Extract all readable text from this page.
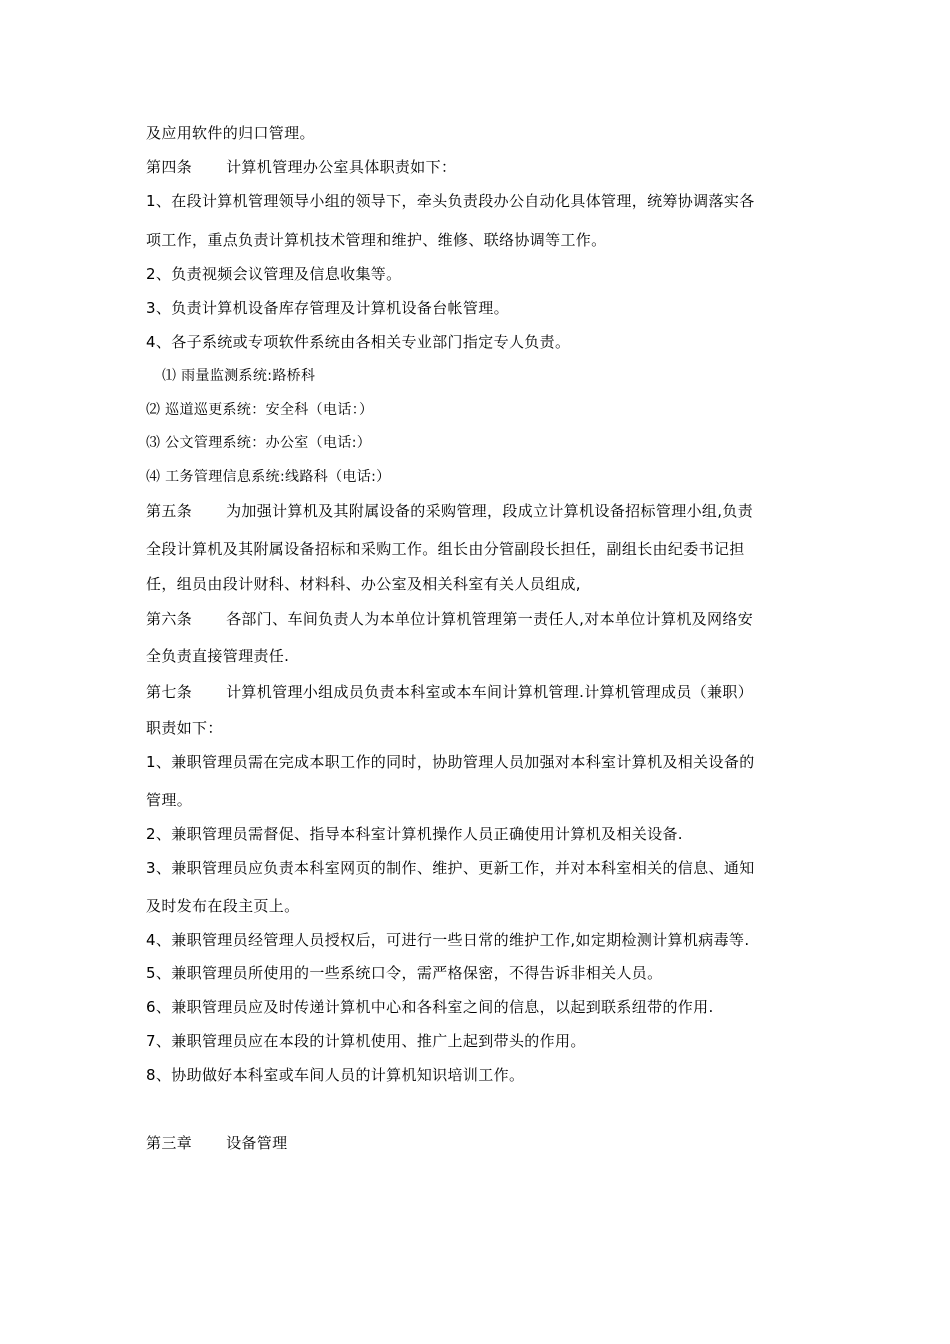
及应用软件的归口管理。
第四条 计算机管理办公室具体职责如下：
1、在段计算机管理领导小组的领导下，牵头负责段办公自动化具体管理，统筹协调落实各
项工作，重点负责计算机技术管理和维护、维修、联络协调等工作。
2、负责视频会议管理及信息收集等。
3、负责计算机设备库存管理及计算机设备台帐管理。
4、各子系统或专项软件系统由各相关专业部门指定专人负责。
⑴ 雨量监测系统:路桥科
⑵ 巡道巡更系统：安全科（电话：）
⑶ 公文管理系统：办公室（电话:）
⑷ 工务管理信息系统:线路科（电话:）
第五条 为加强计算机及其附属设备的采购管理，段成立计算机设备招标管理小组,负责
全段计算机及其附属设备招标和采购工作。组长由分管副段长担任，副组长由纪委书记担
任，组员由段计财科、材料科、办公室及相关科室有关人员组成,
第六条 各部门、车间负责人为本单位计算机管理第一责任人,对本单位计算机及网络安
全负责直接管理责任.
第七条 计算机管理小组成员负责本科室或本车间计算机管理.计算机管理成员（兼职）
职责如下：
1、兼职管理员需在完成本职工作的同时，协助管理人员加强对本科室计算机及相关设备的
管理。
2、兼职管理员需督促、指导本科室计算机操作人员正确使用计算机及相关设备.
3、兼职管理员应负责本科室网页的制作、维护、更新工作，并对本科室相关的信息、通知
及时发布在段主页上。
4、兼职管理员经管理人员授权后，可进行一些日常的维护工作,如定期检测计算机病毒等.
5、兼职管理员所使用的一些系统口令，需严格保密，不得告诉非相关人员。
6、兼职管理员应及时传递计算机中心和各科室之间的信息，以起到联系纽带的作用.
7、兼职管理员应在本段的计算机使用、推广上起到带头的作用。
8、协助做好本科室或车间人员的计算机知识培训工作。
第三章 设备管理
